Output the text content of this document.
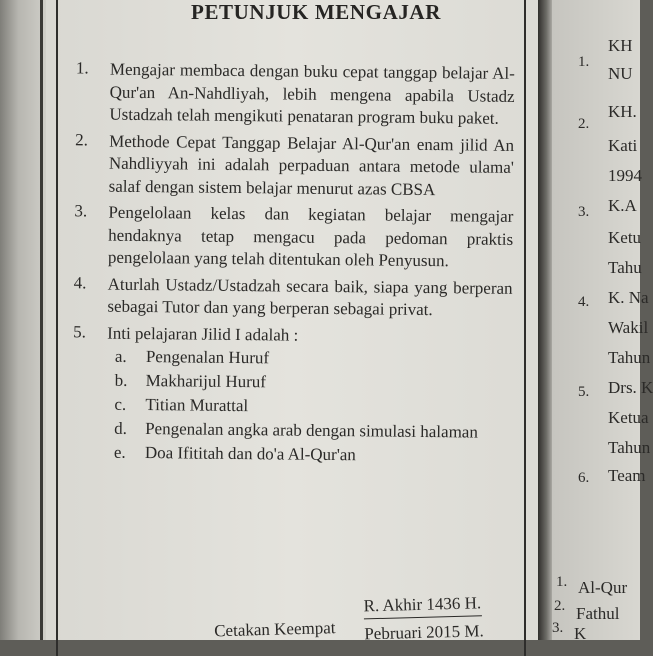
PETUNJUK MENGAJAR
1. Mengajar membaca dengan buku cepat tanggap belajar Al-Qur'an An-Nahdliyah, lebih mengena apabila Ustadz Ustadzah telah mengikuti penataran program buku paket.
2. Methode Cepat Tanggap Belajar Al-Qur'an enam jilid An Nahdliyyah ini adalah perpaduan antara metode ulama' salaf dengan sistem belajar menurut azas CBSA
3. Pengelolaan kelas dan kegiatan belajar mengajar hendaknya tetap mengacu pada pedoman praktis pengelolaan yang telah ditentukan oleh Penyusun.
4. Aturlah Ustadz/Ustadzah secara baik, siapa yang berperan sebagai Tutor dan yang berperan sebagai privat.
5. Inti pelajaran Jilid I adalah :
a. Pengenalan Huruf
b. Makharijul Huruf
c. Titian Murattal
d. Pengenalan angka arab dengan simulasi halaman
e. Doa Ifititah dan do'a Al-Qur'an
Cetakan Keempat
R. Akhir 1436 H.
Pebruari 2015 M.
1.
KH
NU
2.
KH.
Kati
1994
3. K.A
Ketu
Tahu
4. K. Na
Wakil
Tahun
5. Drs. K
Ketua
Tahun
6. Team
1. Al-Qur
2. Fathul
3. K
